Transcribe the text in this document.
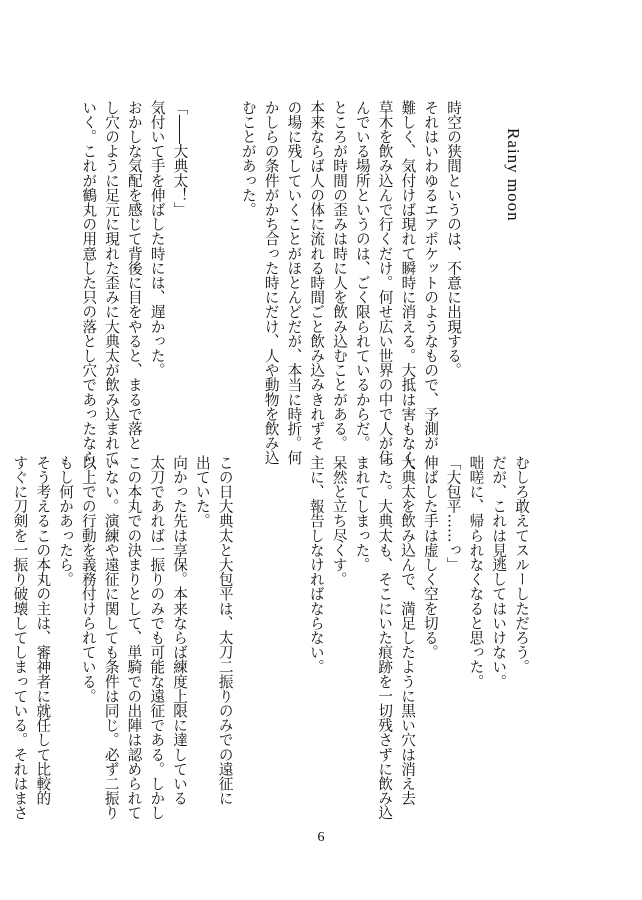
Rainy moon

時空の狭間というのは、不意に出現する。

それはいわゆるエアポケットのようなもので、予測が

難しく、気付けば現れて瞬時に消える。大抵は害もなく、

草木を飲み込んで行くだけ。何せ広い世界の中で人が住

んでいる場所というのは、ごく限られているからだ。

ところが時間の歪みは時に人を飲み込むことがある。

本来ならば人の体に流れる時間ごと飲み込みきれずそ

の場に残していくことがほとんどだが、本当に時折。何

かしらの条件がかち合った時にだけ、人や動物を飲み込

むことがあった。

「――大典太！」

気付いて手を伸ばした時には、遅かった。

おかしな気配を感じて背後に目をやると、まるで落と

し穴のように足元に現れた歪みに大典太が飲み込まれて

いく。これが鶴丸の用意した只の落とし穴であったなら、

むしろ敢えてスルーしただろう。

だが、これは見逃してはいけない。

咄嗟に、帰られなくなると思った。

「大包平……っ」

伸ばした手は虚しく空を切る。

大典太を飲み込んで、満足したように黒い穴は消え去

った。大典太も、そこにいた痕跡を一切残さずに飲み込

まれてしまった。

呆然と立ち尽くす。

主に、報告しなければならない。

この日大典太と大包平は、太刀二振りのみでの遠征に

出ていた。

向かった先は享保。本来ならば練度上限に達している

太刀であれば一振りのみでも可能な遠征である。しかし

この本丸での決まりとして、単騎での出陣は認められて

いない。演練や遠征に関しても条件は同じ。必ず二振り

以上での行動を義務付けられている。

もし何かあったら。

そう考えるこの本丸の主は、審神者に就任して比較的

すぐに刀剣を一振り破壊してしまっている。それはまさ

6
